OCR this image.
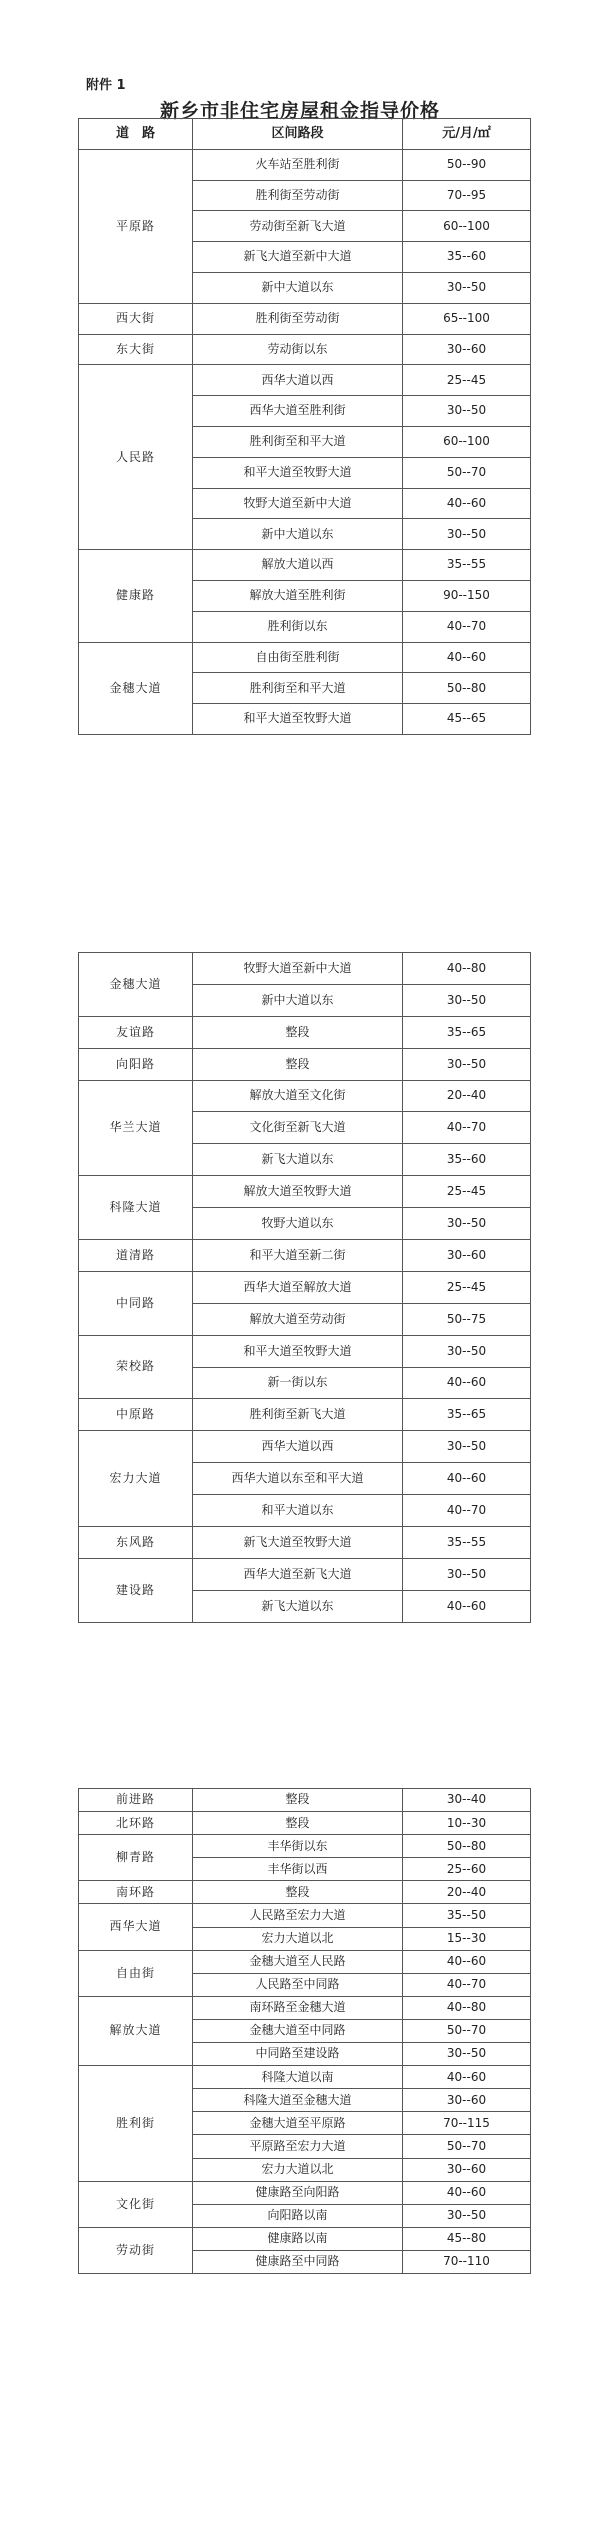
附件 1
新乡市非住宅房屋租金指导价格
道　路	区间路段	元/月/㎡
平原路	火车站至胜利街	50--90
	胜利街至劳动街	70--95
	劳动街至新飞大道	60--100
	新飞大道至新中大道	35--60
	新中大道以东	30--50
西大街	胜利街至劳动街	65--100
东大街	劳动街以东	30--60
人民路	西华大道以西	25--45
	西华大道至胜利街	30--50
	胜利街至和平大道	60--100
	和平大道至牧野大道	50--70
	牧野大道至新中大道	40--60
	新中大道以东	30--50
健康路	解放大道以西	35--55
	解放大道至胜利街	90--150
	胜利街以东	40--70
金穗大道	自由街至胜利街	40--60
	胜利街至和平大道	50--80
	和平大道至牧野大道	45--65
金穗大道	牧野大道至新中大道	40--80
	新中大道以东	30--50
友谊路	整段	35--65
向阳路	整段	30--50
华兰大道	解放大道至文化街	20--40
	文化街至新飞大道	40--70
	新飞大道以东	35--60
科隆大道	解放大道至牧野大道	25--45
	牧野大道以东	30--50
道清路	和平大道至新二街	30--60
中同路	西华大道至解放大道	25--45
	解放大道至劳动街	50--75
荣校路	和平大道至牧野大道	30--50
	新一街以东	40--60
中原路	胜利街至新飞大道	35--65
宏力大道	西华大道以西	30--50
	西华大道以东至和平大道	40--60
	和平大道以东	40--70
东风路	新飞大道至牧野大道	35--55
建设路	西华大道至新飞大道	30--50
	新飞大道以东	40--60
前进路	整段	30--40
北环路	整段	10--30
柳青路	丰华街以东	50--80
	丰华街以西	25--60
南环路	整段	20--40
西华大道	人民路至宏力大道	35--50
	宏力大道以北	15--30
自由街	金穗大道至人民路	40--60
	人民路至中同路	40--70
解放大道	南环路至金穗大道	40--80
	金穗大道至中同路	50--70
	中同路至建设路	30--50
胜利街	科隆大道以南	40--60
	科隆大道至金穗大道	30--60
	金穗大道至平原路	70--115
	平原路至宏力大道	50--70
	宏力大道以北	30--60
文化街	健康路至向阳路	40--60
	向阳路以南	30--50
劳动街	健康路以南	45--80
	健康路至中同路	70--110
